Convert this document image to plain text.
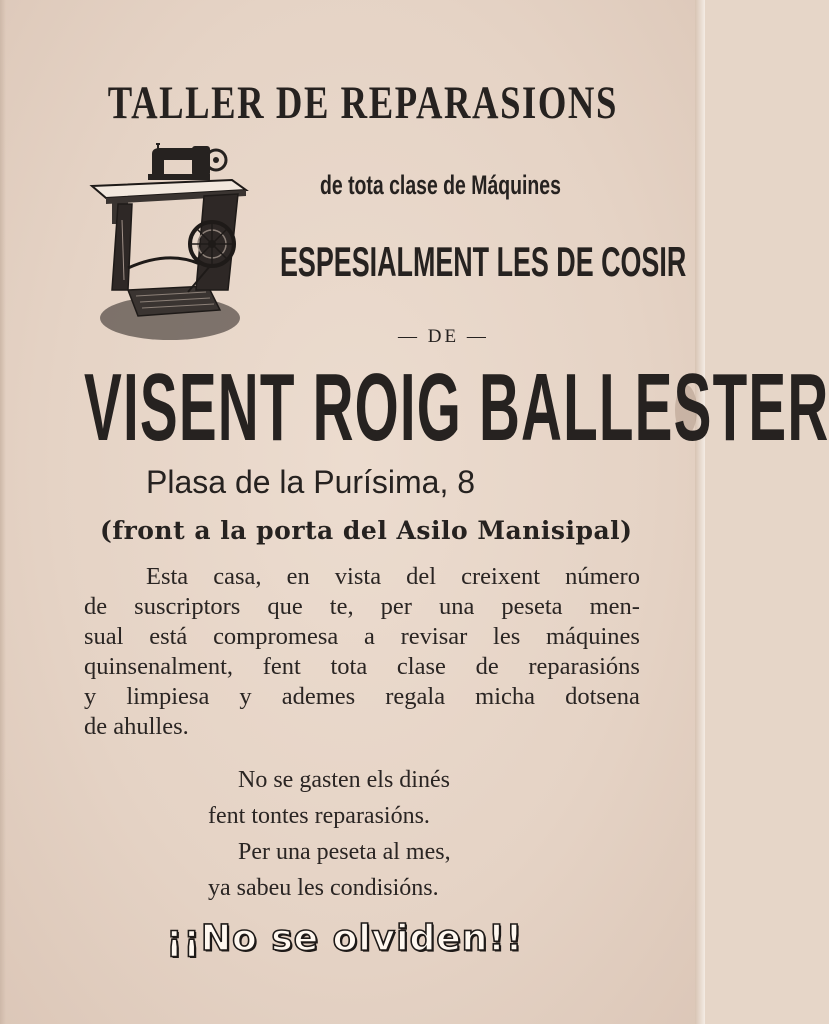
TALLER DE REPARASIONS
de tota clase de Máquines
ESPESIALMENT LES DE COSIR
— DE —
VISENT ROIG BALLESTER
Plasa de la Purísima, 8
(front a la porta del Asilo Manisipal)
Esta casa, en vista del creixent número
de suscriptors que te, per una peseta men-
sual está compromesa a revisar les máquines
quinsenalment, fent tota clase de reparasións
y limpiesa y ademes regala micha dotsena
de ahulles.
No se gasten els dinés
fent tontes reparasións.
Per una peseta al mes,
ya sabeu les condisións.
¡¡No se olviden!!
